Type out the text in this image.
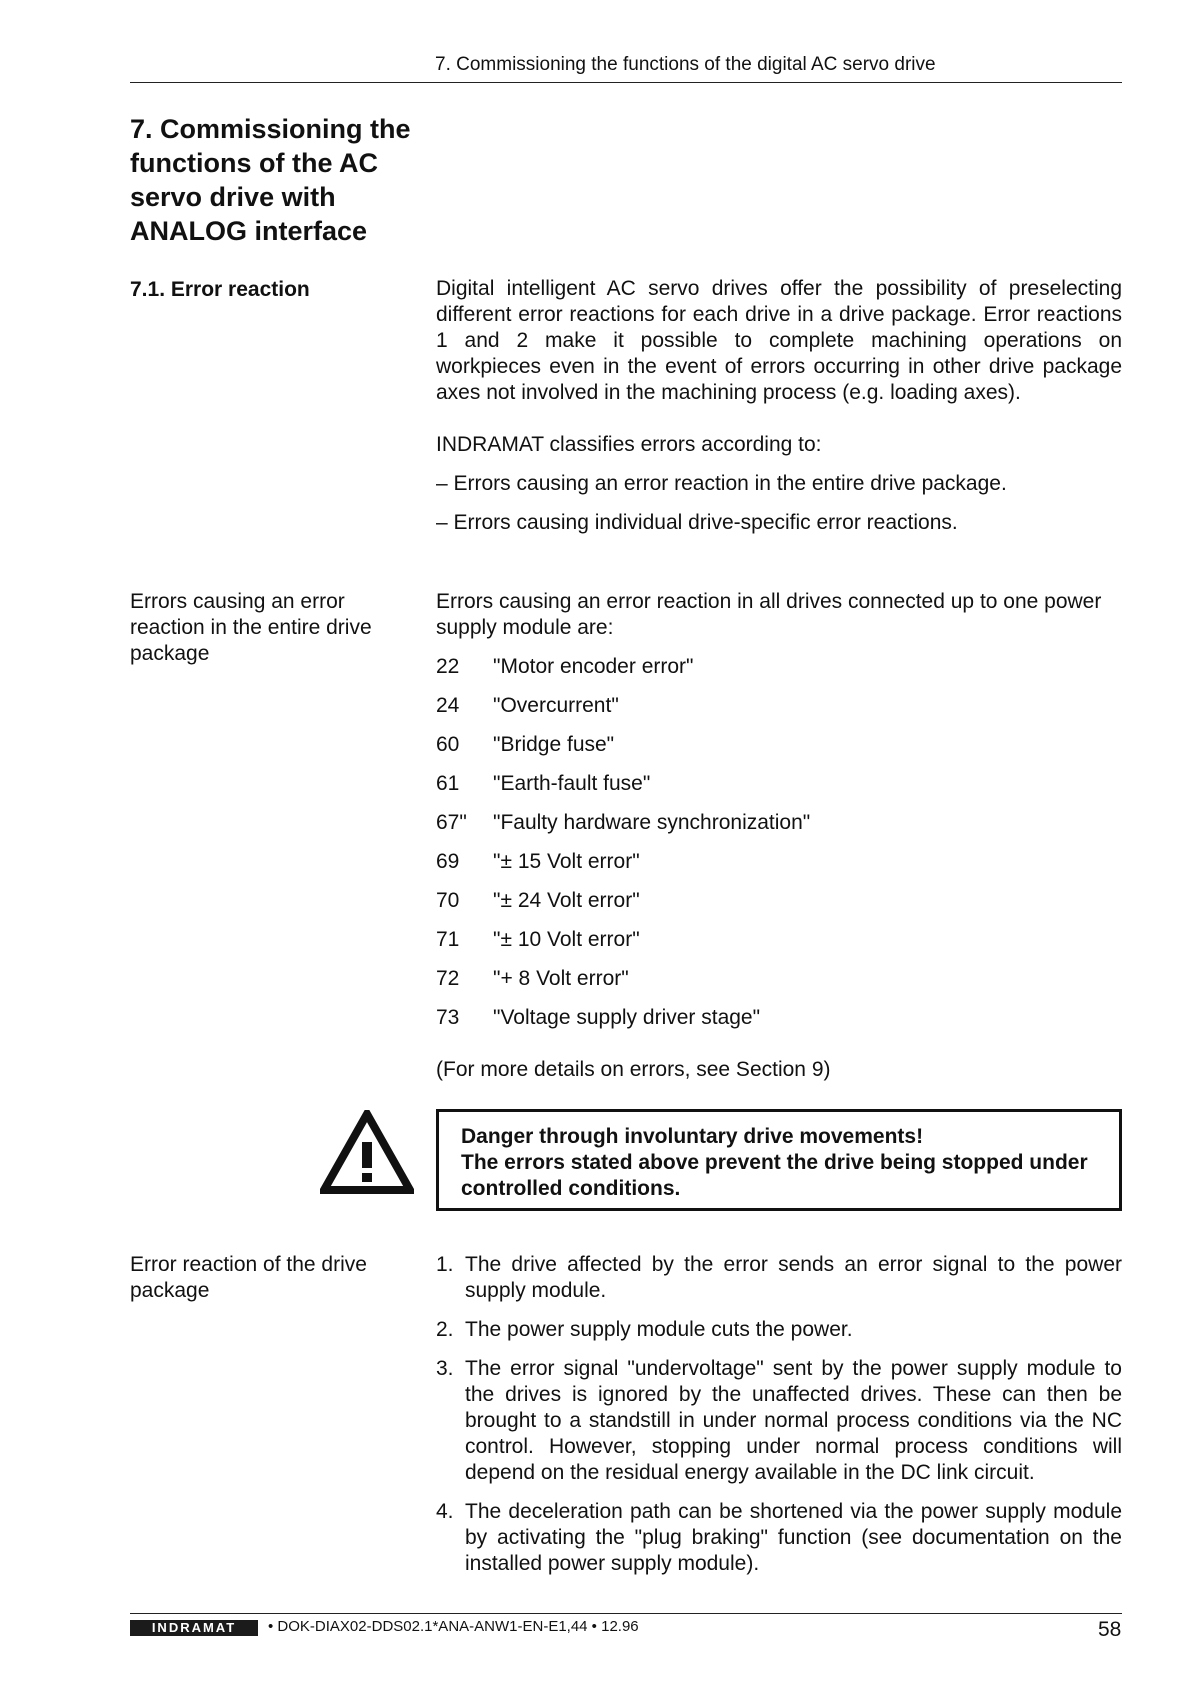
7. Commissioning the functions of the digital AC servo drive
7. Commissioning the functions of the AC servo drive with ANALOG interface
7.1. Error reaction	Digital intelligent AC servo drives offer the possibility of preselecting different error reactions for each drive in a drive package. Error reactions 1 and 2 make it possible to complete machining operations on workpieces even in the event of errors occurring in other drive package axes not involved in the machining process (e.g. loading axes).
INDRAMAT classifies errors according to:
– Errors causing an error reaction in the entire drive package.
– Errors causing individual drive-specific error reactions.
Errors causing an error reaction in the entire drive package
Errors causing an error reaction in all drives connected up to one power supply module are:
22 "Motor encoder error"
24 "Overcurrent"
60 "Bridge fuse"
61 "Earth-fault fuse"
67" "Faulty hardware synchronization"
69 "± 15 Volt error"
70 "± 24 Volt error"
71 "± 10 Volt error"
72 "+ 8 Volt error"
73 "Voltage supply driver stage"
(For more details on errors, see Section 9)
Danger through involuntary drive movements!
The errors stated above prevent the drive being stopped under controlled conditions.
Error reaction of the drive package
1. The drive affected by the error sends an error signal to the power supply module.
2. The power supply module cuts the power.
3. The error signal "undervoltage" sent by the power supply module to the drives is ignored by the unaffected drives. These can then be brought to a standstill in under normal process conditions via the NC control. However, stopping under normal process conditions will depend on the residual energy available in the DC link circuit.
4. The deceleration path can be shortened via the power supply module by activating the "plug braking" function (see documentation on the installed power supply module).
INDRAMAT	• DOK-DIAX02-DDS02.1*ANA-ANW1-EN-E1,44 • 12.96	58
